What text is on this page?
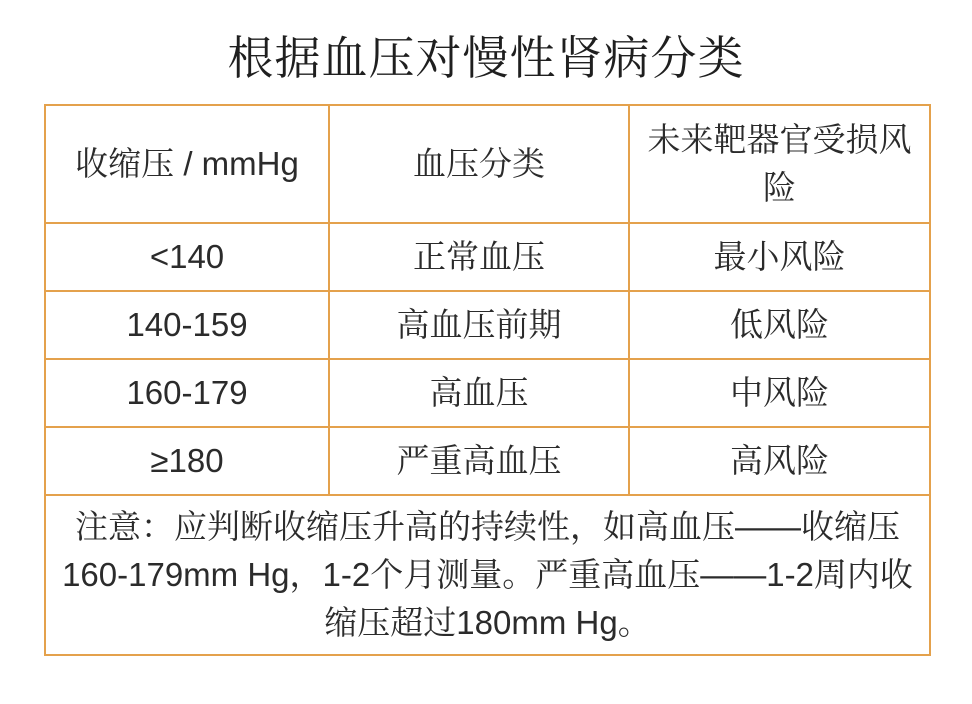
根据血压对慢性肾病分类
收缩压 / mmHg	血压分类	未来靶器官受损风险
<140	正常血压	最小风险
140-159	高血压前期	低风险
160-179	高血压	中风险
≥180	严重高血压	高风险
注意：应判断收缩压升高的持续性，如高血压——收缩压160-179mm Hg，1-2个月测量。严重高血压——1-2周内收缩压超过180mm Hg。		
